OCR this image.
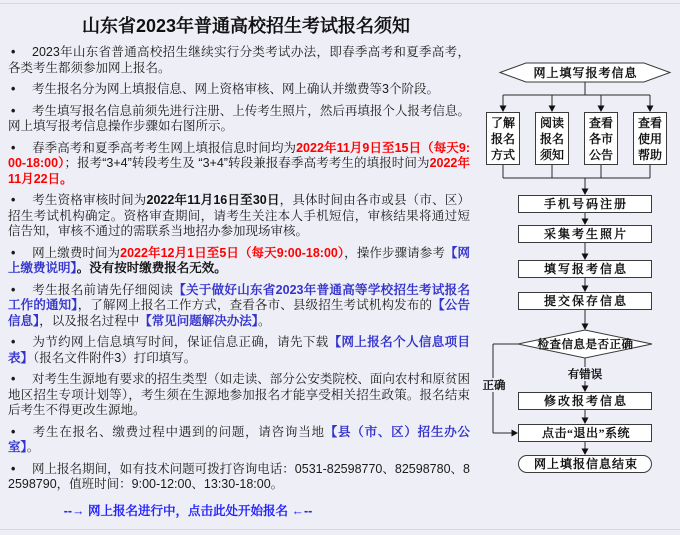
山东省2023年普通高校招生考试报名须知

• 2023年山东省普通高校招生继续实行分类考试办法，即春季高考和夏季高考，各类考生都须参加网上报名。

• 考生报名分为网上填报信息、网上资格审核、网上确认并缴费等3个阶段。

• 考生填写报名信息前须先进行注册、上传考生照片，然后再填报个人报考信息。网上填写报考信息操作步骤如右图所示。

• 春季高考和夏季高考考生网上填报信息时间均为2022年11月9日至15日（每天9:00-18:00）；报考“3+4”转段考生及 “3+4”转段兼报春季高考考生的填报时间为2022年11月22日。

• 考生资格审核时间为2022年11月16日至30日，具体时间由各市或县（市、区）招生考试机构确定。资格审查期间，请考生关注本人手机短信，审核结果将通过短信告知，审核不通过的需联系当地招办参加现场审核。

• 网上缴费时间为2022年12月1日至5日（每天9:00-18:00），操作步骤请参考【网上缴费说明】。没有按时缴费报名无效。

• 考生报名前请先仔细阅读【关于做好山东省2023年普通高等学校招生考试报名工作的通知】，了解网上报名工作方式，查看各市、县级招生考试机构发布的【公告信息】，以及报名过程中【常见问题解决办法】。

• 为节约网上信息填写时间，保证信息正确，请先下载【网上报名个人信息项目表】（报名文件附件3）打印填写。

• 对考生生源地有要求的招生类型（如走读、部分公安类院校、面向农村和原贫困地区招生专项计划等），考生须在生源地参加报名才能享受相关招生政策。报名结束后考生不得更改生源地。

• 考生在报名、缴费过程中遇到的问题，请咨询当地【县（市、区）招生办公室】。

• 网上报名期间，如有技术问题可拨打咨询电话：0531-82598770、82598780、82598790，值班时间：9:00-12:00、13:30-18:00。

--→ 网上报名进行中，点击此处开始报名 ←--
网上填写报考信息
了解报名方式
阅读报名须知
查看各市公告
查看使用帮助
手机号码注册
采集考生照片
填写报考信息
提交保存信息
检查信息是否正确
有错误
正确
修改报考信息
点击“退出”系统
网上填报信息结束
